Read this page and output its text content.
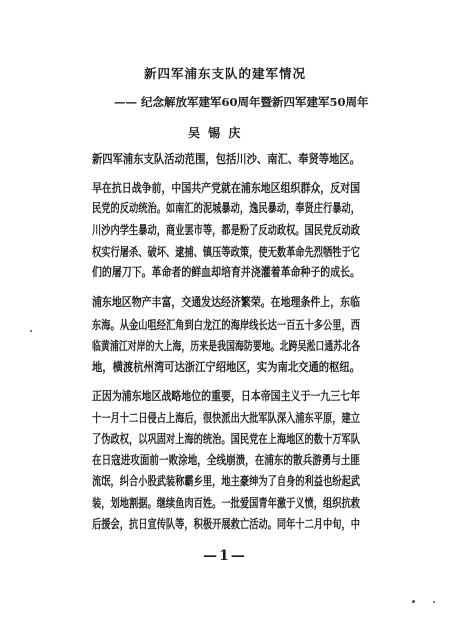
新四军浦东支队的建军情况
—— 纪念解放军建军60周年暨新四军建军50周年
吴 锡 庆
新四军浦东支队活动范围，包括川沙、南汇、奉贤等地区。
早在抗日战争前，中国共产党就在浦东地区组织群众，反对国
民党的反动统治。如南汇的泥城暴动，逸民暴动，奉贤庄行暴动，
川沙内学生暴动，商业罢市等，都是粉了反动政权。国民党反动政
权实行屠杀、破坏、逮捕、镇压等政策，使无数革命先烈牺牲于它
们的屠刀下。革命者的鲜血却培育并浇灌着革命种子的成长。
浦东地区物产丰富，交通发达经济繁荣。在地理条件上，东临
东海。从金山咀经汇角到白龙江的海岸线长达一百五十多公里，西
临黄浦江对岸的大上海，历来是我国海防要地。北跨吴淞口通苏北各
地，横渡杭州湾可达浙江宁绍地区，实为南北交通的枢纽。
正因为浦东地区战略地位的重要，日本帝国主义于一九三七年
十一月十二日侵占上海后，很快派出大批军队深入浦东平原，建立
了伪政权，以巩固对上海的统治。国民党在上海地区的数十万军队
在日寇进攻面前一败涂地，全线崩溃，在浦东的散兵游勇与土匪
流氓，纠合小股武装称霸乡里，地主豪绅为了自身的利益也纷起武
装，划地割据。继续鱼肉百姓。一批爱国青年激于义愤，组织抗救
后援会，抗日宣传队等，积极开展救亡活动。同年十二月中旬，中
—1—
